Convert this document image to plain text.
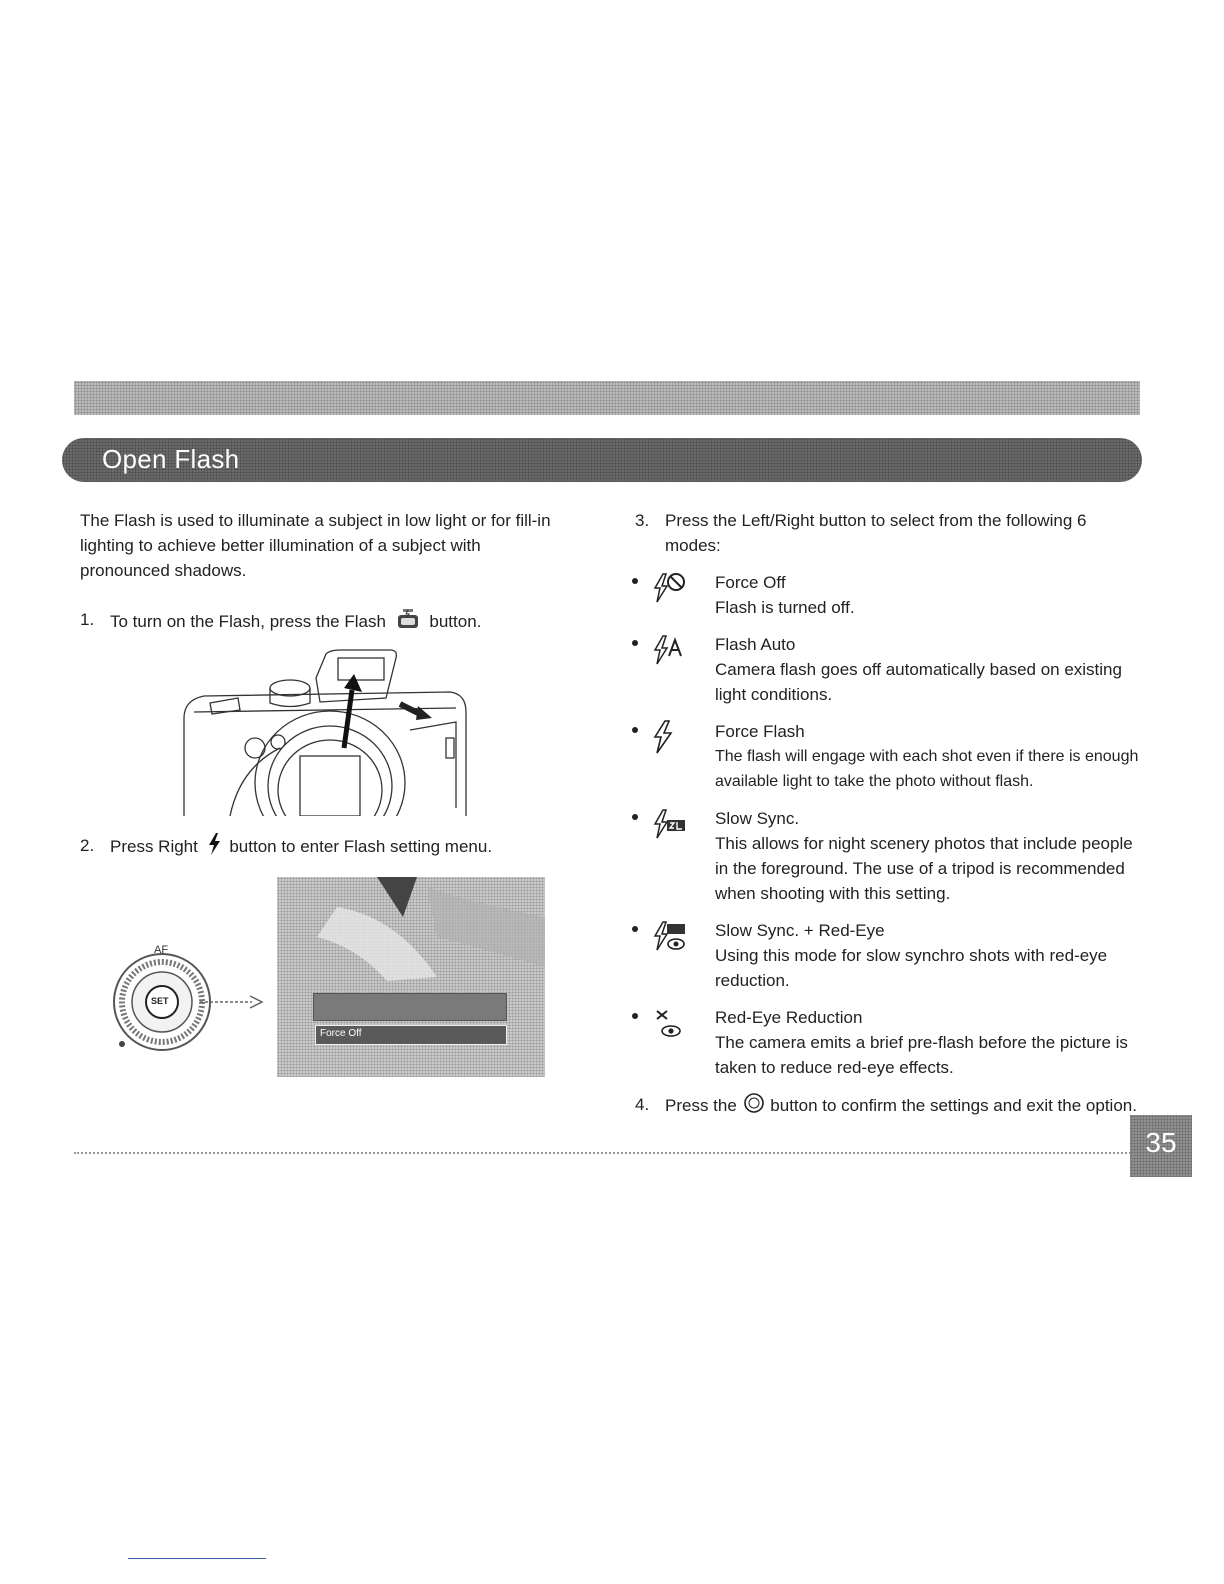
Open Flash

The Flash is used to illuminate a subject in low light or for fill-in lighting to achieve better illumination of a subject with pronounced shadows.

1. To turn on the Flash, press the Flash	button.
2. Press Right button to enter Flash setting menu.
AF
SET
Force Off
3. Press the Left/Right button to select from the following 6 modes:
Force Off
Flash is turned off.
Flash Auto
Camera flash goes off automatically based on existing light conditions.
Force Flash
The flash will engage with each shot even if there is enough available light to take the photo without flash.
Slow Sync.
This allows for night scenery photos that include people in the foreground. The use of a tripod is recommended when shooting with this setting.
Slow Sync. + Red-Eye
Using this mode for slow synchro shots with red-eye reduction.
Red-Eye Reduction
The camera emits a brief pre-flash before the picture is taken to reduce red-eye effects.
4. Press the button to confirm the settings and exit the option.
35
